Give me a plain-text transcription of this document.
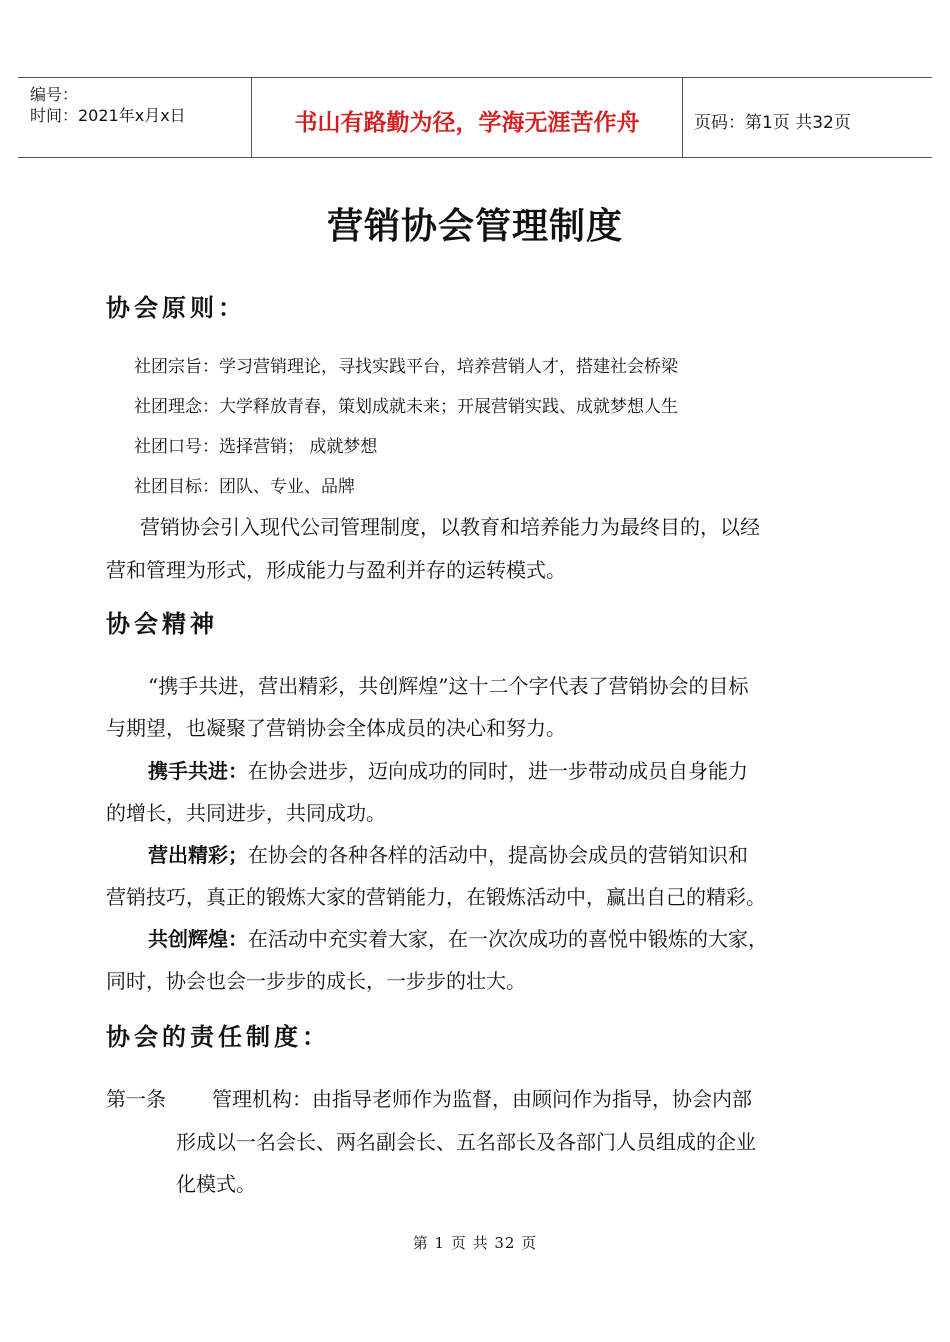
编号：
时间：2021年x月x日	书山有路勤为径，学海无涯苦作舟	页码：第1页 共32页
营销协会管理制度
协会原则：
社团宗旨：学习营销理论，寻找实践平台，培养营销人才，搭建社会桥梁
社团理念：大学释放青春，策划成就未来；开展营销实践、成就梦想人生
社团口号：选择营销； 成就梦想
社团目标：团队、专业、品牌
营销协会引入现代公司管理制度，以教育和培养能力为最终目的，以经
营和管理为形式，形成能力与盈利并存的运转模式。
协会精神
“携手共进，营出精彩，共创辉煌”这十二个字代表了营销协会的目标
与期望，也凝聚了营销协会全体成员的决心和努力。
携手共进：在协会进步，迈向成功的同时，进一步带动成员自身能力
的增长，共同进步，共同成功。
营出精彩；在协会的各种各样的活动中，提高协会成员的营销知识和
营销技巧，真正的锻炼大家的营销能力，在锻炼活动中，赢出自己的精彩。
共创辉煌：在活动中充实着大家，在一次次成功的喜悦中锻炼的大家，
同时，协会也会一步步的成长，一步步的壮大。
协会的责任制度：
第一条 管理机构：由指导老师作为监督，由顾问作为指导，协会内部
形成以一名会长、两名副会长、五名部长及各部门人员组成的企业
化模式。
第 1 页 共 32 页
